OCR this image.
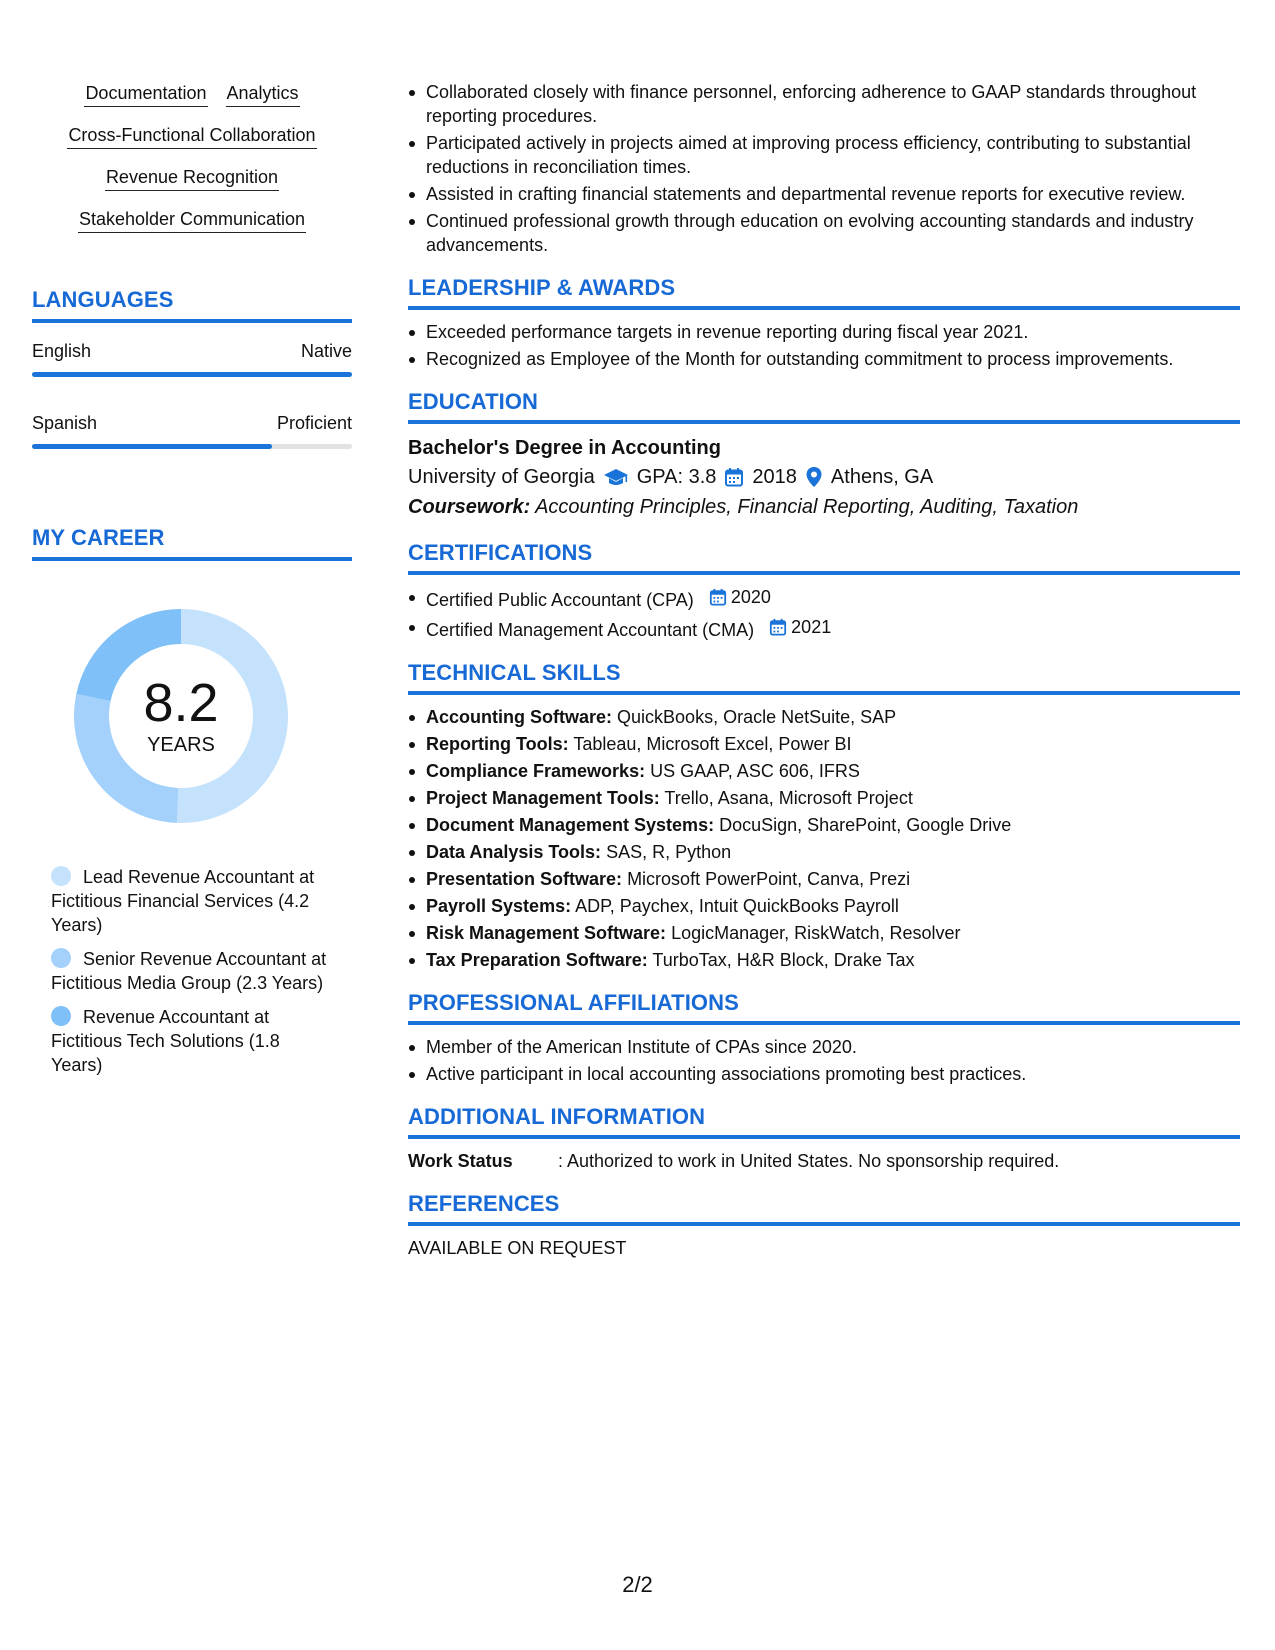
Documentation Analytics
Cross-Functional Collaboration
Revenue Recognition
Stakeholder Communication
LANGUAGES
English	Native
Spanish	Proficient
MY CAREER
8.2
YEARS
Lead Revenue Accountant at Fictitious Financial Services (4.2 Years)
Senior Revenue Accountant at Fictitious Media Group (2.3 Years)
Revenue Accountant at Fictitious Tech Solutions (1.8 Years)
Collaborated closely with finance personnel, enforcing adherence to GAAP standards throughout reporting procedures.
Participated actively in projects aimed at improving process efficiency, contributing to substantial reductions in reconciliation times.
Assisted in crafting financial statements and departmental revenue reports for executive review.
Continued professional growth through education on evolving accounting standards and industry advancements.
LEADERSHIP & AWARDS
Exceeded performance targets in revenue reporting during fiscal year 2021.
Recognized as Employee of the Month for outstanding commitment to process improvements.
EDUCATION
Bachelor's Degree in Accounting
University of Georgia GPA: 3.8 2018 Athens, GA
Coursework: Accounting Principles, Financial Reporting, Auditing, Taxation
CERTIFICATIONS
Certified Public Accountant (CPA) 2020
Certified Management Accountant (CMA) 2021
TECHNICAL SKILLS
Accounting Software: QuickBooks, Oracle NetSuite, SAP
Reporting Tools: Tableau, Microsoft Excel, Power BI
Compliance Frameworks: US GAAP, ASC 606, IFRS
Project Management Tools: Trello, Asana, Microsoft Project
Document Management Systems: DocuSign, SharePoint, Google Drive
Data Analysis Tools: SAS, R, Python
Presentation Software: Microsoft PowerPoint, Canva, Prezi
Payroll Systems: ADP, Paychex, Intuit QuickBooks Payroll
Risk Management Software: LogicManager, RiskWatch, Resolver
Tax Preparation Software: TurboTax, H&R Block, Drake Tax
PROFESSIONAL AFFILIATIONS
Member of the American Institute of CPAs since 2020.
Active participant in local accounting associations promoting best practices.
ADDITIONAL INFORMATION
Work Status	: Authorized to work in United States. No sponsorship required.
REFERENCES
AVAILABLE ON REQUEST
2/2
